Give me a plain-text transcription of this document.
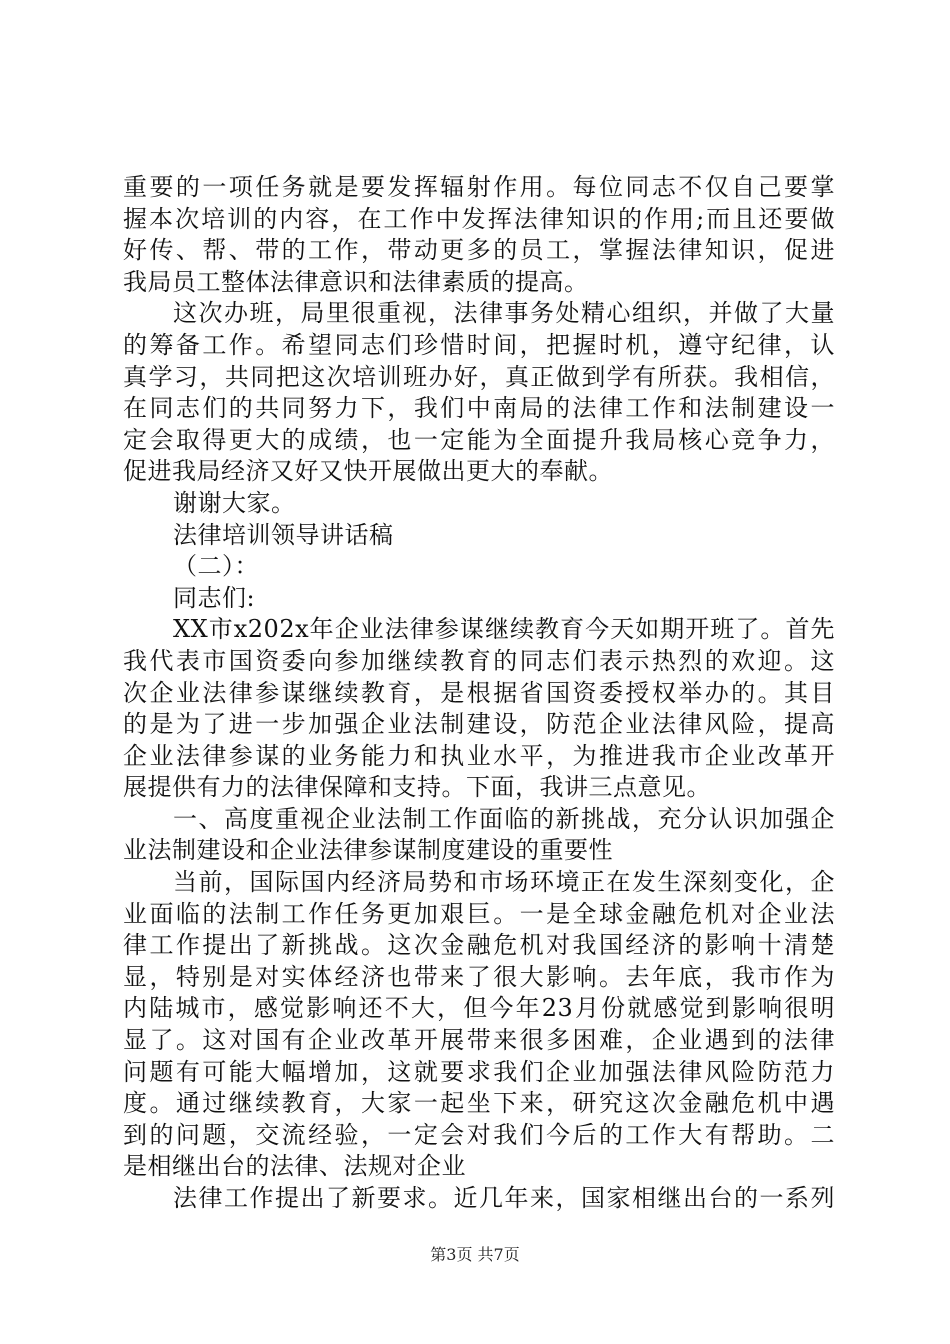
重要的一项任务就是要发挥辐射作用。每位同志不仅自己要掌
握本次培训的内容，在工作中发挥法律知识的作用;而且还要做
好传、帮、带的工作，带动更多的员工，掌握法律知识，促进
我局员工整体法律意识和法律素质的提高。
这次办班，局里很重视，法律事务处精心组织，并做了大量
的筹备工作。希望同志们珍惜时间，把握时机，遵守纪律，认
真学习，共同把这次培训班办好，真正做到学有所获。我相信，
在同志们的共同努力下，我们中南局的法律工作和法制建设一
定会取得更大的成绩，也一定能为全面提升我局核心竞争力，
促进我局经济又好又快开展做出更大的奉献。
谢谢大家。
法律培训领导讲话稿
（二）：
同志们:
XX市x202x年企业法律参谋继续教育今天如期开班了。首先
我代表市国资委向参加继续教育的同志们表示热烈的欢迎。这
次企业法律参谋继续教育，是根据省国资委授权举办的。其目
的是为了进一步加强企业法制建设，防范企业法律风险，提高
企业法律参谋的业务能力和执业水平，为推进我市企业改革开
展提供有力的法律保障和支持。下面，我讲三点意见。
一、高度重视企业法制工作面临的新挑战，充分认识加强企
业法制建设和企业法律参谋制度建设的重要性
当前，国际国内经济局势和市场环境正在发生深刻变化，企
业面临的法制工作任务更加艰巨。一是全球金融危机对企业法
律工作提出了新挑战。这次金融危机对我国经济的影响十清楚
显，特别是对实体经济也带来了很大影响。去年底，我市作为
内陆城市，感觉影响还不大，但今年23月份就感觉到影响很明
显了。这对国有企业改革开展带来很多困难，企业遇到的法律
问题有可能大幅增加，这就要求我们企业加强法律风险防范力
度。通过继续教育，大家一起坐下来，研究这次金融危机中遇
到的问题，交流经验，一定会对我们今后的工作大有帮助。二
是相继出台的法律、法规对企业
法律工作提出了新要求。近几年来，国家相继出台的一系列
第3页 共7页
